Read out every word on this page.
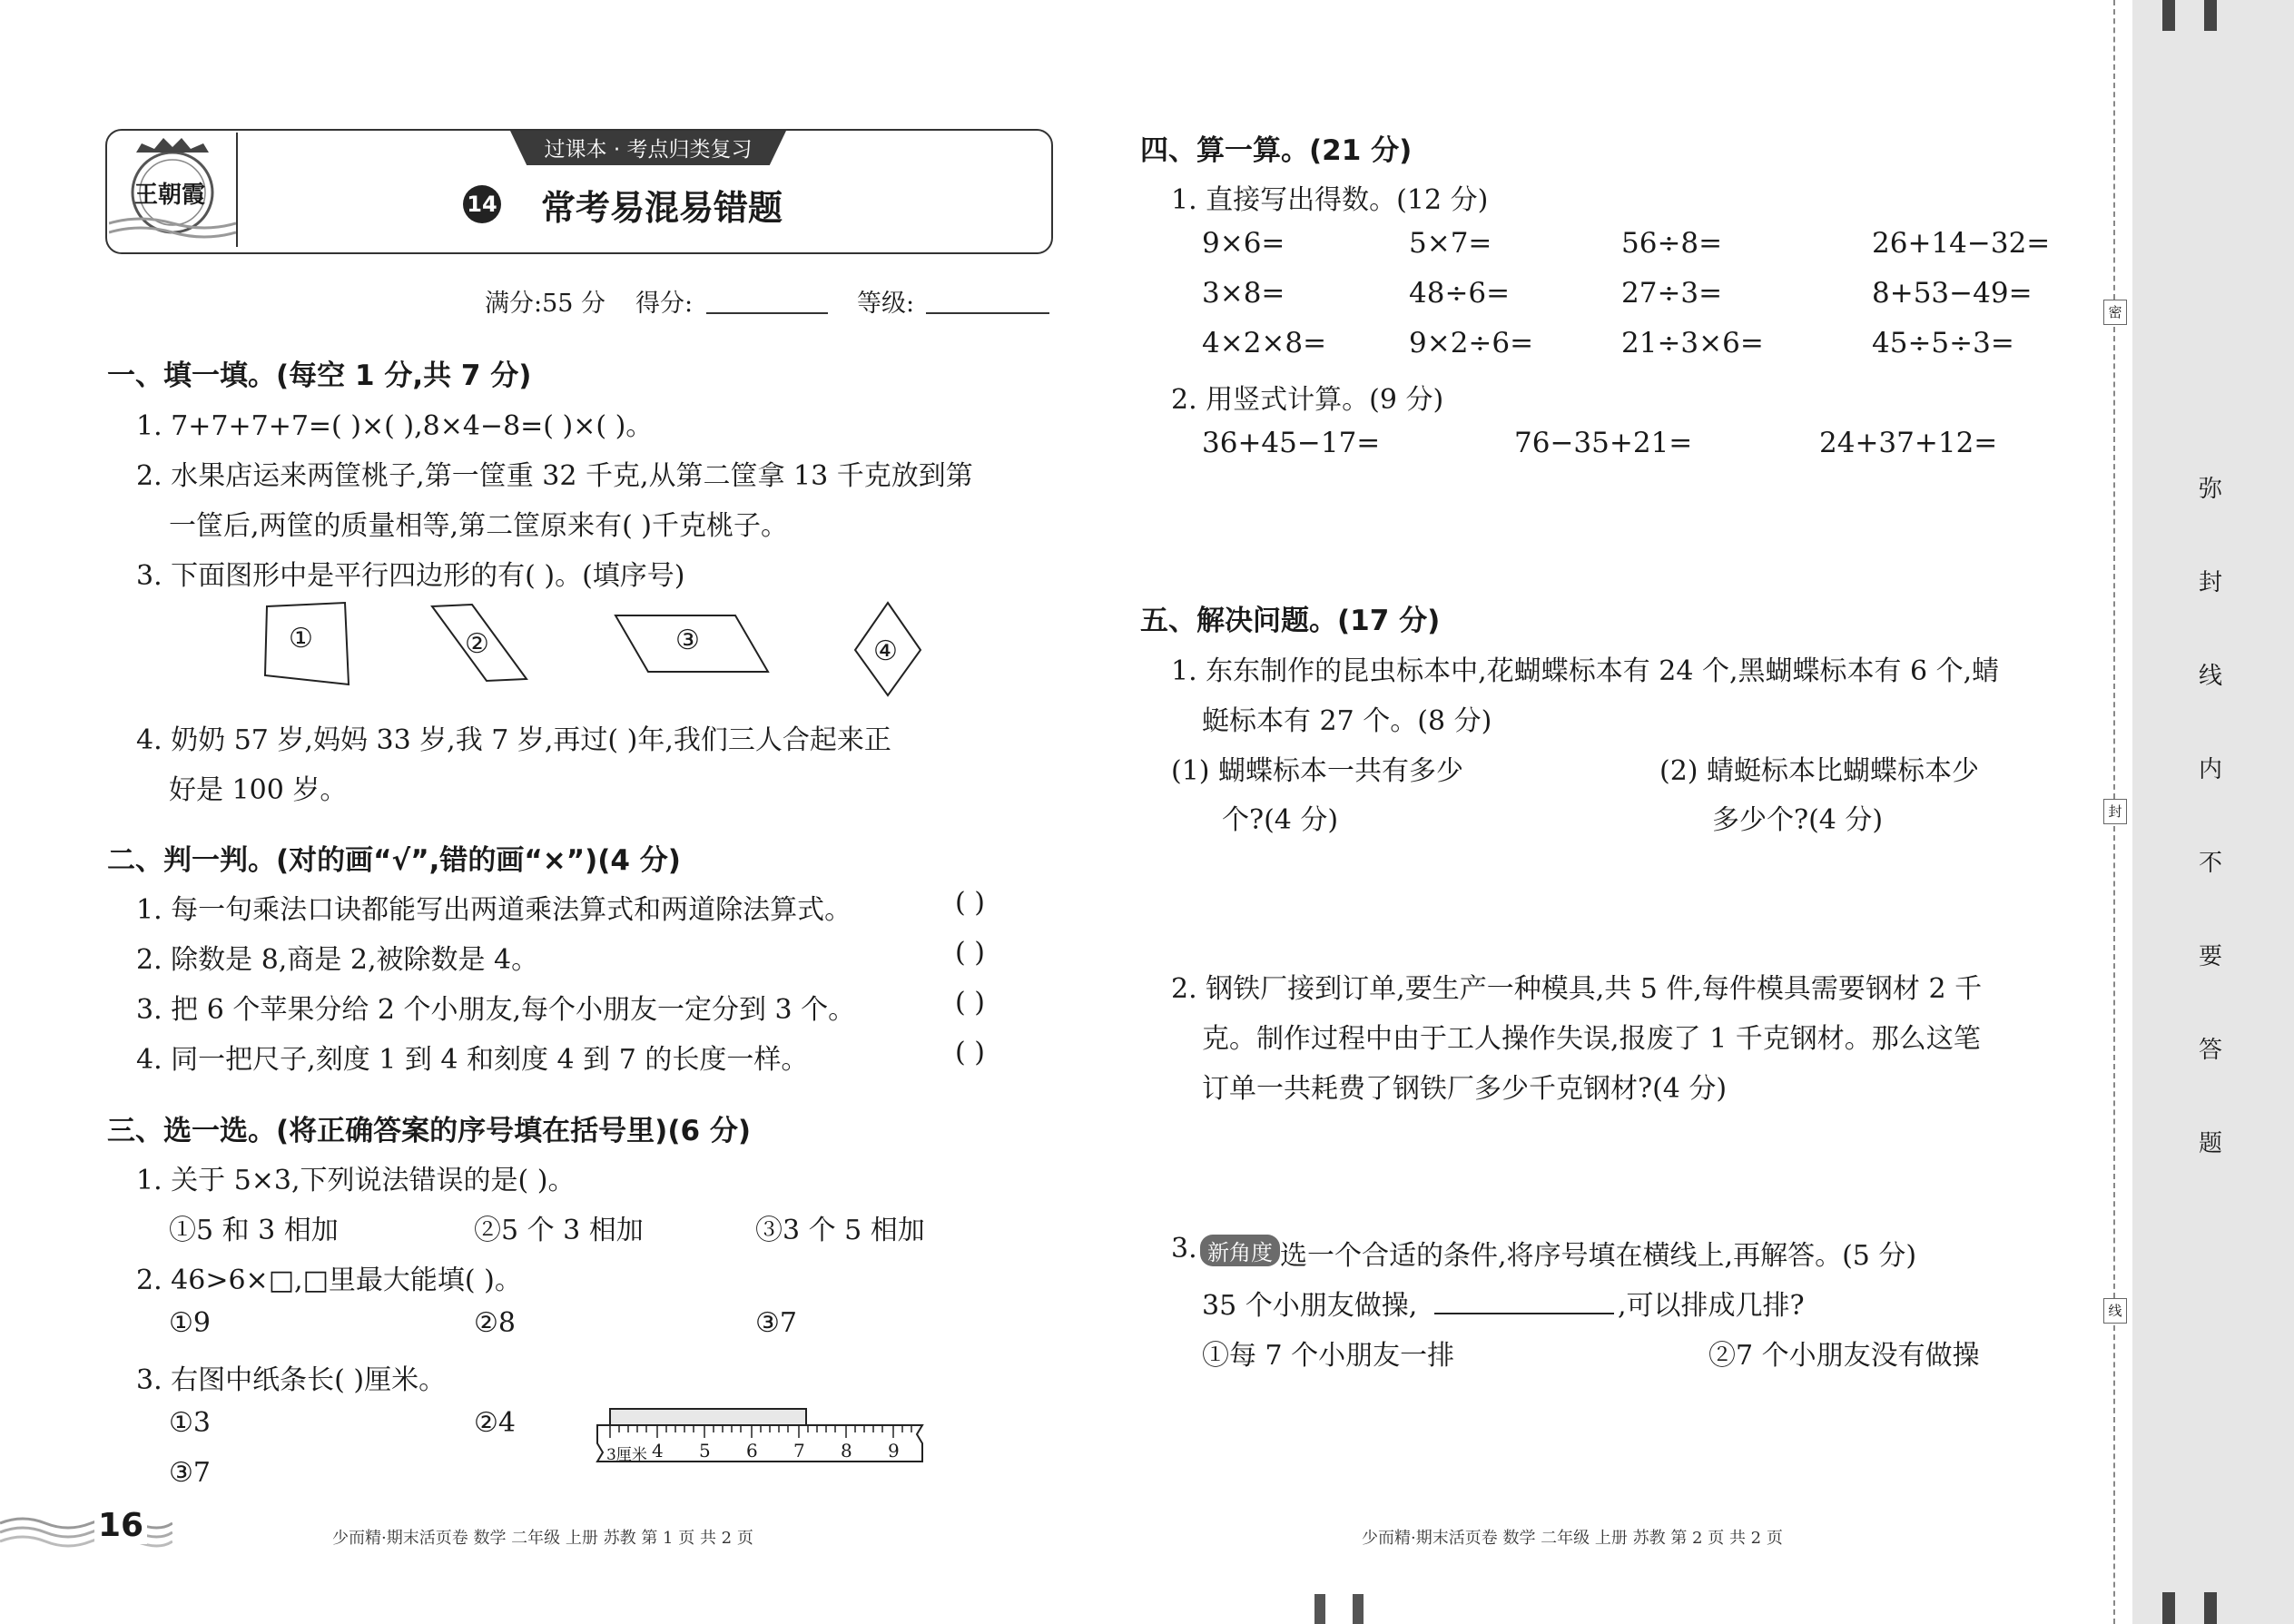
王朝霞
过课本 · 考点归类复习
14 常考易混易错题
满分:55 分 得分:	等级:
一、填一填。(每空 1 分,共 7 分)
1. 7+7+7+7=( )×( ),8×4−8=( )×( )。
2. 水果店运来两筐桃子,第一筐重 32 千克,从第二筐拿 13 千克放到第
一筐后,两筐的质量相等,第二筐原来有( )千克桃子。
3. 下面图形中是平行四边形的有( )。(填序号)
①	②	③	④
4. 奶奶 57 岁,妈妈 33 岁,我 7 岁,再过( )年,我们三人合起来正
好是 100 岁。
二、判一判。(对的画“√”,错的画“×”)(4 分)
1. 每一句乘法口诀都能写出两道乘法算式和两道除法算式。	( )
2. 除数是 8,商是 2,被除数是 4。	( )
3. 把 6 个苹果分给 2 个小朋友,每个小朋友一定分到 3 个。	( )
4. 同一把尺子,刻度 1 到 4 和刻度 4 到 7 的长度一样。	( )
三、选一选。(将正确答案的序号填在括号里)(6 分)
1. 关于 5×3,下列说法错误的是( )。
①5 和 3 相加	②5 个 3 相加	③3 个 5 相加
2. 46>6×□,□里最大能填( )。
①9	②8	③7
3. 右图中纸条长( )厘米。
①3	②4
③7
3厘米 4 5 6 7 8 9
16	少而精·期末活页卷 数学 二年级 上册 苏教 第 1 页 共 2 页
四、算一算。(21 分)
1. 直接写出得数。(12 分)
9×6=	5×7=	56÷8=	26+14−32=
3×8=	48÷6=	27÷3=	8+53−49=
4×2×8=	9×2÷6=	21÷3×6=	45÷5÷3=
2. 用竖式计算。(9 分)
36+45−17=	76−35+21=	24+37+12=
五、解决问题。(17 分)
1. 东东制作的昆虫标本中,花蝴蝶标本有 24 个,黑蝴蝶标本有 6 个,蜻
蜓标本有 27 个。(8 分)
(1) 蝴蝶标本一共有多少
个?(4 分)
(2) 蜻蜓标本比蝴蝶标本少
多少个?(4 分)
2. 钢铁厂接到订单,要生产一种模具,共 5 件,每件模具需要钢材 2 千
克。制作过程中由于工人操作失误,报废了 1 千克钢材。那么这笔
订单一共耗费了钢铁厂多少千克钢材?(4 分)
3. 新角度 选一个合适的条件,将序号填在横线上,再解答。(5 分)
35 个小朋友做操,	,可以排成几排?
①每 7 个小朋友一排	②7 个小朋友没有做操
少而精·期末活页卷 数学 二年级 上册 苏教 第 2 页 共 2 页
密
封
线
弥
封
线
内
不
要
答
题
